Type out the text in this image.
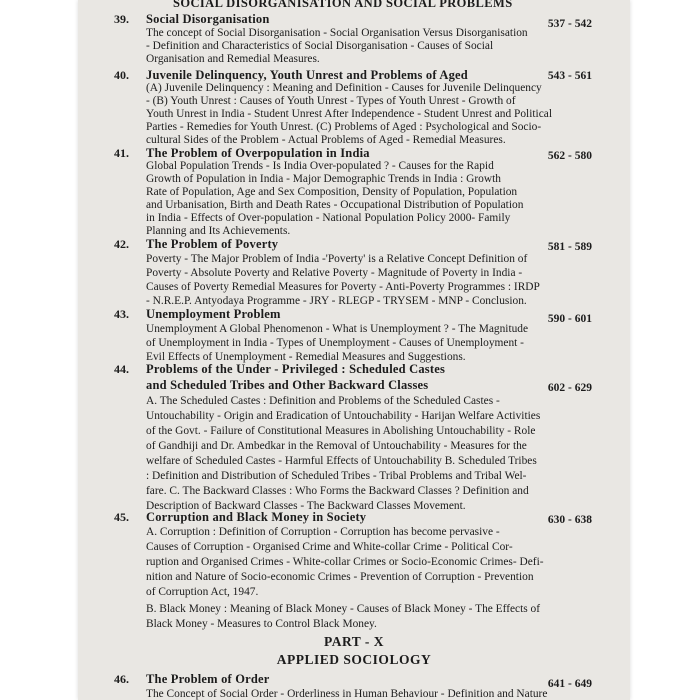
SOCIAL DISORGANISATION AND SOCIAL PROBLEMS
39. Social Disorganisation	537 - 542
The concept of Social Disorganisation - Social Organisation Versus Disorganisation
- Definition and Characteristics of Social Disorganisation - Causes of Social
Organisation and Remedial Measures.
40. Juvenile Delinquency, Youth Unrest and Problems of Aged	543 - 561
(A) Juvenile Delinquency : Meaning and Definition - Causes for Juvenile Delinquency
- (B) Youth Unrest : Causes of Youth Unrest - Types of Youth Unrest - Growth of
Youth Unrest in India - Student Unrest After Independence - Student Unrest and Political
Parties - Remedies for Youth Unrest. (C) Problems of Aged : Psychological and Socio-
cultural Sides of the Problem - Actual Problems of Aged - Remedial Measures.
41. The Problem of Overpopulation in India	562 - 580
Global Population Trends - Is India Over-populated ? - Causes for the Rapid
Growth of Population in India - Major Demographic Trends in India : Growth
Rate of Population, Age and Sex Composition, Density of Population, Population
and Urbanisation, Birth and Death Rates - Occupational Distribution of Population
in India - Effects of Over-population - National Population Policy 2000- Family
Planning and Its Achievements.
42. The Problem of Poverty	581 - 589
Poverty - The Major Problem of India -'Poverty' is a Relative Concept Definition of
Poverty - Absolute Poverty and Relative Poverty - Magnitude of Poverty in India -
Causes of Poverty Remedial Measures for Poverty - Anti-Poverty Programmes : IRDP
- N.R.E.P. Antyodaya Programme - JRY - RLEGP - TRYSEM - MNP - Conclusion.
43. Unemployment Problem	590 - 601
Unemployment A Global Phenomenon - What is Unemployment ? - The Magnitude
of Unemployment in India - Types of Unemployment - Causes of Unemployment -
Evil Effects of Unemployment - Remedial Measures and Suggestions.
44. Problems of the Under - Privileged : Scheduled Castes
and Scheduled Tribes and Other Backward Classes	602 - 629
A. The Scheduled Castes : Definition and Problems of the Scheduled Castes -
Untouchability - Origin and Eradication of Untouchability - Harijan Welfare Activities
of the Govt. - Failure of Constitutional Measures in Abolishing Untouchability - Role
of Gandhiji and Dr. Ambedkar in the Removal of Untouchability - Measures for the
welfare of Scheduled Castes - Harmful Effects of Untouchability B. Scheduled Tribes
: Definition and Distribution of Scheduled Tribes - Tribal Problems and Tribal Wel-
fare. C. The Backward Classes : Who Forms the Backward Classes ? Definition and
Description of Backward Classes - The Backward Classes Movement.
45. Corruption and Black Money in Society	630 - 638
A. Corruption : Definition of Corruption - Corruption has become pervasive -
Causes of Corruption - Organised Crime and White-collar Crime - Political Cor-
ruption and Organised Crimes - White-collar Crimes or Socio-Economic Crimes- Defi-
nition and Nature of Socio-economic Crimes - Prevention of Corruption - Prevention
of Corruption Act, 1947.
B. Black Money : Meaning of Black Money - Causes of Black Money - The Effects of
Black Money - Measures to Control Black Money.
PART - X
APPLIED SOCIOLOGY
46. The Problem of Order	641 - 649
The Concept of Social Order - Orderliness in Human Behaviour - Definition and Nature
